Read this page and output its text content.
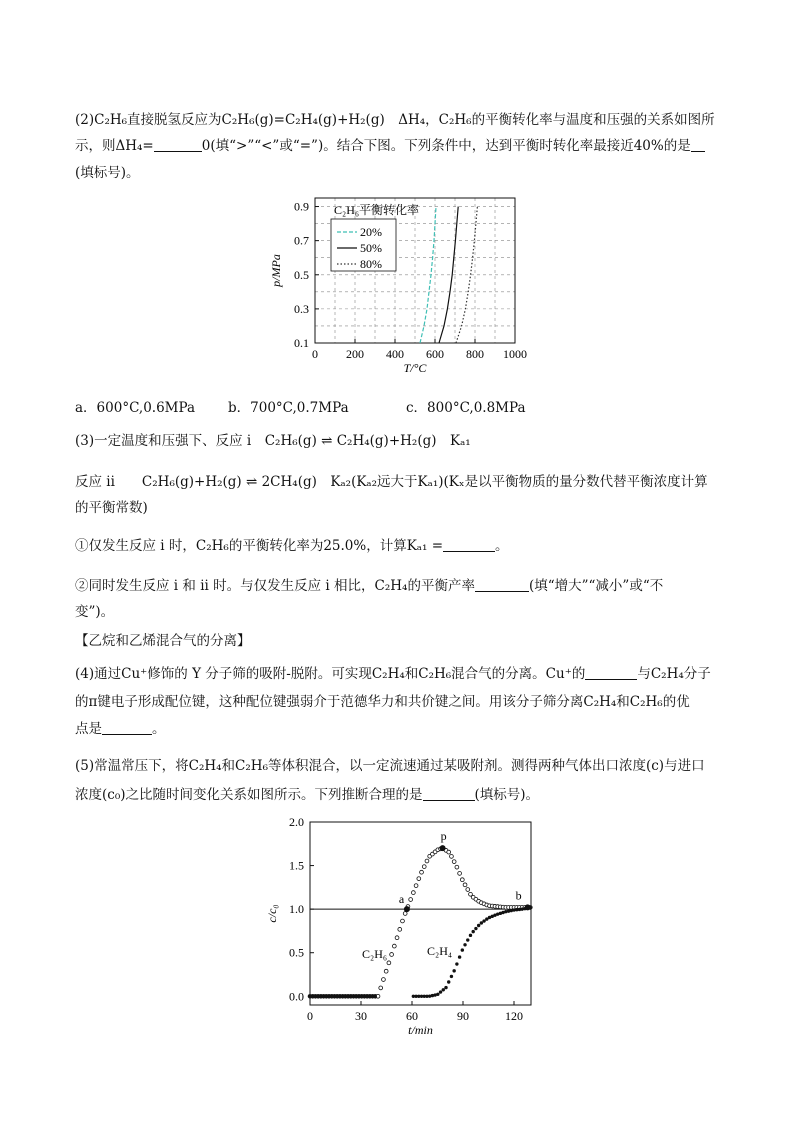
(2)C₂H₆直接脱氢反应为C₂H₆(g)=C₂H₄(g)+H₂(g)　ΔH₄，C₂H₆的平衡转化率与温度和压强的关系如图所
示，则ΔH₄=	0(填“>”“<”或“=”)。结合下图。下列条件中，达到平衡时转化率最接近40%的是
(填标号)。
0 200 400 600 800 1000
0.1
0.3
0.5
0.7
0.9
T/°C
p/MPa
C₂H₆平衡转化率
20%
50%
80%
a．600°C,0.6MPa b．700°C,0.7MPa	c．800°C,0.8MPa
(3)一定温度和压强下、反应 i　C₂H₆(g) ⇌ C₂H₄(g)+H₂(g)　Kₐ₁
反应 ii　　C₂H₆(g)+H₂(g) ⇌ 2CH₄(g)　Kₐ₂(Kₐ₂远大于Kₐ₁)(Kₓ是以平衡物质的量分数代替平衡浓度计算
的平衡常数)
①仅发生反应 i 时，C₂H₆的平衡转化率为25.0%，计算Kₐ₁ =	。
②同时发生反应 i 和 ii 时。与仅发生反应 i 相比，C₂H₄的平衡产率	(填“增大”“减小”或“不
变”)。
【乙烷和乙烯混合气的分离】
(4)通过Cu⁺修饰的 Y 分子筛的吸附-脱附。可实现C₂H₄和C₂H₆混合气的分离。Cu⁺的	与C₂H₄分子
的π键电子形成配位键，这种配位键强弱介于范德华力和共价键之间。用该分子筛分离C₂H₄和C₂H₆的优
点是	。
(5)常温常压下，将C₂H₄和C₂H₆等体积混合，以一定流速通过某吸附剂。测得两种气体出口浓度(c)与进口
浓度(c₀)之比随时间变化关系如图所示。下列推断合理的是	(填标号)。
0	30	60	90	120
0.0
0.5
1.0
1.5
2.0
t/min
c/c₀
a
p
b
C₂H₆	C₂H₄
